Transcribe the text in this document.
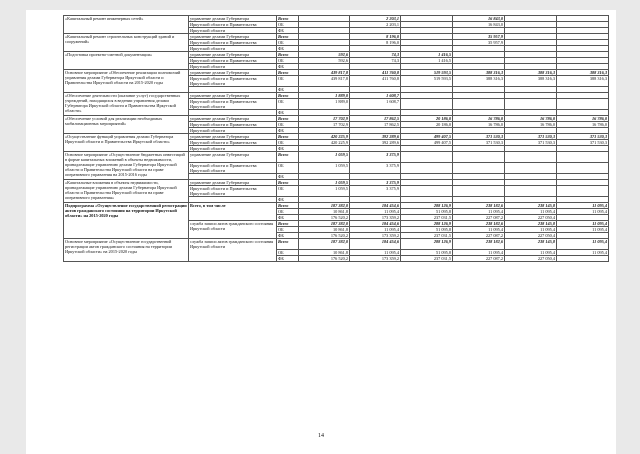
«Капитальный ремонт инженерных сетей»	управление делами Губернатора	Всего		2 203,1		16 843,0		
	Иркутской области и Правительства	ОБ		2 203,1		16 843,0		
	Иркутской области	ФБ						
«Капитальный ремонт строительных конструкций зданий и сооружений»	управление делами Губернатора	Всего		8 196,0		35 957,9		
	Иркутской области и Правительства	ОБ		8 196,0		35 957,9		
	Иркутской области	ФБ						
«Подготовка проектно-сметной документации»	управление делами Губернатора	Всего	592,6	74,3	1 416,5			
	Иркутской области и Правительства	ОБ	592,6	74,3	1 416,5			
	Иркутской области	ФБ						
Основное мероприятие «Обеспечение реализации полномочий управления делами Губернатора Иркутской области и Правительства Иркутской области на 2015-2020 годы	управление делами Губернатора	Всего	439 817,8	411 760,8	519 593,5	388 316,3	388 316,3	388 316,3
	Иркутской области и Правительства Иркутской области	ОБ	439 817,8	411 760,8	519 593,5	388 316,3	388 316,3	388 316,3
		ФБ						
«Обеспечение деятельности (оказание услуг) государственных учреждений, находящихся в ведении управления делами Губернатора Иркутской области и Правительства Иркутской области»	управление делами Губернатора	Всего	1 889,0	1 608,7				
	Иркутской области и Правительства Иркутской области	ОБ	1 889,0	1 608,7				
		ФБ						
«Обеспечение условий для реализации необходимых мобилизационных мероприятий»	управление делами Губернатора	Всего	17 702,9	17 862,5	20 186,0	16 786,0	16 786,0	16 786,0
	Иркутской области и Правительства	ОБ	17 702,9	17 862,5	20 186,0	16 786,0	16 786,0	16 786,0
	Иркутской области	ФБ						
«Осуществление функций управления делами Губернатора Иркутской области и Правительства Иркутской области»	управление делами Губернатора	Всего	420 225,9	392 289,6	499 407,5	371 530,3	371 530,3	371 530,3
	Иркутской области и Правительства	ОБ	420 225,9	392 289,6	499 407,5	371 530,3	371 530,3	371 530,3
	Иркутской области	ФБ						
Основное мероприятие «Осуществление бюджетных инвестиций в форме капитальных вложений в объекты недвижимости, принадлежащие управлению делами Губернатора Иркутской области и Правительства Иркутской области на праве оперативного управления на 2015-2016 годы	управление делами Губернатора	Всего	1 059,5	3 375,9				
	Иркутской области и Правительства Иркутской области	ОБ	1 059,5	3 375,9				
		ФБ						
«Капитальные вложения в объекты недвижимости, принадлежащие управлению делами Губернатора Иркутской области и Правительства Иркутской области на праве оперативного управления»	управление делами Губернатора	Всего	1 059,5	3 375,9				
	Иркутской области и Правительства Иркутской области	ОБ	1 059,5	3 375,9				
		ФБ						
Подпрограмма «Осуществление государственной регистрации актов гражданского состояния на территории Иркутской области» на 2015-2020 годы	Всего, в том числе	Всего	187 382,0	184 454,6	288 126,9	238 182,6	238 145,8	11 095,4
		ОБ	10 861,8	11 095,4	51 095,8	11 095,4	11 095,4	11 095,4
		ФБ	176 520,2	173 359,2	237 031,5	227 087,2	227 050,4	
	служба записи актов гражданского состояния Иркутской области	Всего	187 382,0	184 454,6	288 126,9	238 182,6	238 145,8	11 095,4
		ОБ	10 861,8	11 095,4	51 095,8	11 095,4	11 095,4	11 095,4
		ФБ	176 520,2	173 359,2	237 031,5	227 087,2	227 050,4	
Основное мероприятие «Осуществление государственной регистрации актов гражданского состояния на территории Иркутской области» на 2015-2020 годы	служба записи актов гражданского состояния Иркутской области	Всего	187 382,0	184 454,6	288 126,9	238 182,6	238 145,8	11 095,4
		ОБ	10 861,8	11 095,4	51 095,8	11 095,4	11 095,4	11 095,4
		ФБ	176 520,2	173 359,2	237 031,5	227 087,2	227 050,4	
14
